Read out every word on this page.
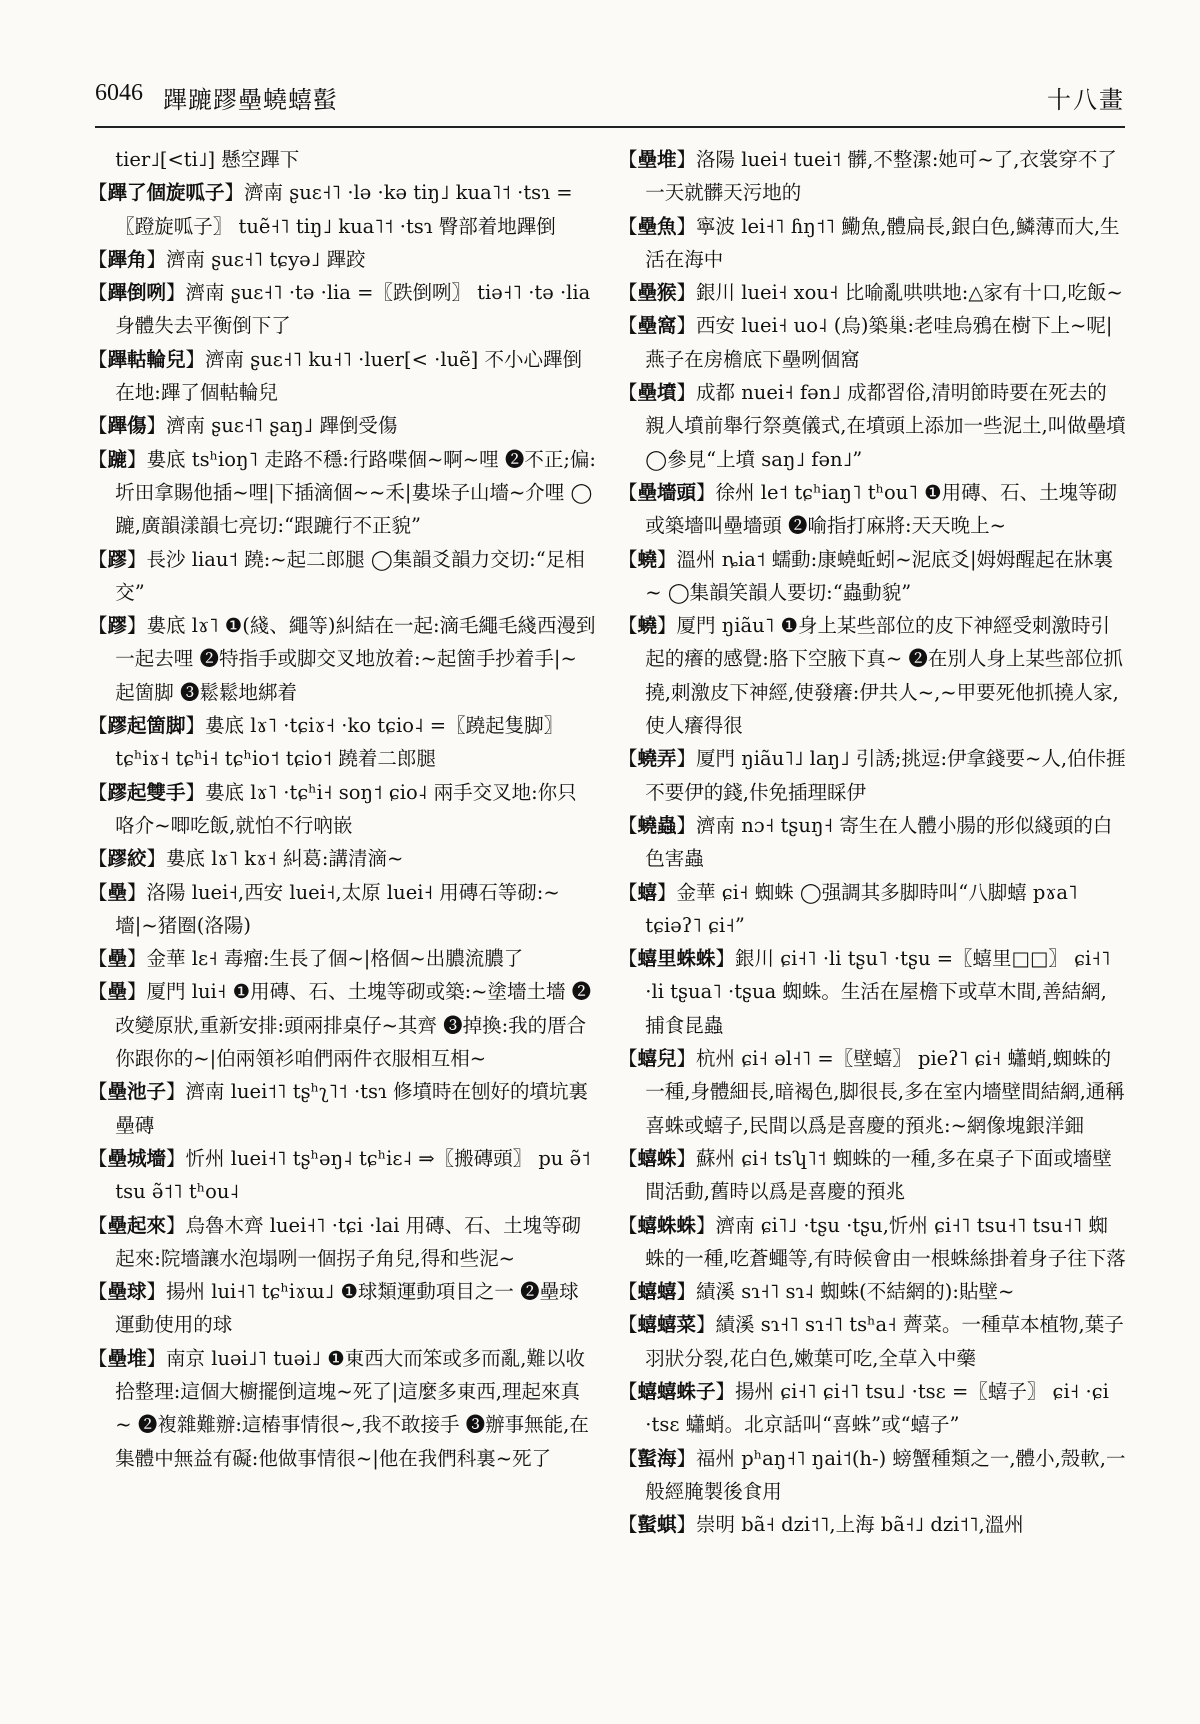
6046 蹕蹗蹘壘蟯蟢蟚	十八畫
tier˩[<ti˩] 懸空蹕下
【 蹕了個旋呱子 】 濟南 ʂuɛ˧˥ ·lə ·kə tiŋ˩ kua˥˦ ·tsɿ =〖蹬旋呱子〗 tuẽ˧˥ tiŋ˩ kua˥˦ ·tsɿ 臀部着地蹕倒
【 蹕角 】 濟南 ʂuɛ˧˥ tɕyə˩ 蹕跤
【 蹕倒咧 】 濟南 ʂuɛ˧˥ ·tə ·lia =〖跌倒咧〗 tiə˧˥ ·tə ·lia 身體失去平衡倒下了
【 蹕軲輪兒 】 濟南 ʂuɛ˧˥ ku˧˥ ·luer[< ·luẽ] 不小心蹕倒在地:蹕了個軲輪兒
【 蹕傷 】 濟南 ʂuɛ˧˥ ʂaŋ˩ 蹕倒受傷
【 蹗 】 婁底 tsʰioŋ˥ 走路不穩:行路喋個~啊~哩 ❷不正;偏:圻田拿賜他插~哩|下插滴個~~禾|婁垛子山墻~介哩 ◯蹗,廣韻漾韻七亮切:“跟蹗行不正貌”
【 蹘 】 長沙 liau˦ 蹺:~起二郎腿 ◯集韻爻韻力交切:“足相交”
【 蹘 】 婁底 lɤ˥ ❶(綫、繩等)糾結在一起:滴毛繩毛綫西漫到一起去哩 ❷特指手或脚交叉地放着:~起箇手抄着手|~起箇脚 ❸鬆鬆地綁着
【 蹘起箇脚 】 婁底 lɤ˥ ·tɕiɤ˧ ·ko tɕio˨ =〖蹺起隻脚〗 tɕʰiɤ˧ tɕʰi˧ tɕʰio˦ tɕio˦ 蹺着二郎腿
【 蹘起雙手 】 婁底 lɤ˥ ·tɕʰi˧ soŋ˦ ɕio˨ 兩手交叉地:你只咯介~唧吃飯,就怕不行吶嵌
【 蹘絞 】 婁底 lɤ˥ kɤ˧ 糾葛:講清滴~
【 壘 】 洛陽 luei˧,西安 luei˧,太原 luei˧ 用磚石等砌:~墻|~猪圈(洛陽)
【 壘 】 金華 lɛ˧ 毒瘤:生長了個~|格個~出膿流膿了
【 壘 】 厦門 lui˧ ❶用磚、石、土塊等砌或築:~塗墻土墻 ❷改變原狀,重新安排:頭兩排桌仔~其齊 ❸掉換:我的厝合你跟你的~|伯兩領衫咱們兩件衣服相互相~
【 壘池子 】 濟南 luei˦˥ tʂʰʅ˥˦ ·tsɿ 修墳時在刨好的墳坑裏壘磚
【 壘城墻 】 忻州 luei˧˥ tʂʰəŋ˨ tɕʰiɛ˨ ⇒〖搬磚頭〗 pu ə̃˦ tsu ə̃˦˥ tʰou˨
【 壘起來 】 烏魯木齊 luei˧˥ ·tɕi ·lai 用磚、石、土塊等砌起來:院墻讓水泡塌咧一個拐子角兒,得和些泥~
【 壘球 】 揚州 lui˧˥ tɕʰiɤɯ˩ ❶球類運動項目之一 ❷壘球運動使用的球
【 壘堆 】 南京 luəi˩˥ tuəi˩ ❶東西大而笨或多而亂,難以收拾整理:這個大櫥擺倒這塊~死了|這麼多東西,理起來真~ ❷複雜難辦:這樁事情很~,我不敢接手 ❸辦事無能,在集體中無益有礙:他做事情很~|他在我們科裏~死了
【 壘堆 】 洛陽 luei˧ tuei˦ 髒,不整潔:她可~了,衣裳穿不了一天就髒天污地的
【 壘魚 】 寧波 lei˧˥ ɦŋ˦˥ 鰳魚,體扁長,銀白色,鱗薄而大,生活在海中
【 壘猴 】 銀川 luei˧ xou˧ 比喻亂哄哄地:△家有十口,吃飯~
【 壘窩 】 西安 luei˧ uo˨ (烏)築巢:老哇烏鴉在樹下上~呢|燕子在房檐底下壘咧個窩
【 壘墳 】 成都 nuei˧ fən˩ 成都習俗,清明節時要在死去的親人墳前舉行祭奠儀式,在墳頭上添加一些泥土,叫做壘墳 ◯參見“上墳 saŋ˩ fən˩”
【 壘墻頭 】 徐州 le˦ tɕʰiaŋ˥ tʰou˥ ❶用磚、石、土塊等砌或築墻叫壘墻頭 ❷喻指打麻將:天天晚上~
【 蟯 】 溫州 ȵia˦ 蠕動:康蟯蚯蚓~泥底爻|姆姆醒起在牀裏~ ◯集韻笑韻人要切:“蟲動貌”
【 蟯 】 厦門 ŋiãu˥ ❶身上某些部位的皮下神經受刺激時引起的癢的感覺:胳下空腋下真~ ❷在別人身上某些部位抓撓,刺激皮下神經,使發癢:伊共人~,~甲要死他抓撓人家,使人癢得很
【 蟯弄 】 厦門 ŋiãu˥˩ laŋ˩ 引誘;挑逗:伊拿錢要~人,伯佧捱不要伊的錢,佧免插理睬伊
【 蟯蟲 】 濟南 nɔ˧ tʂuŋ˧ 寄生在人體小腸的形似綫頭的白色害蟲
【 蟢 】 金華 ɕi˧ 蜘蛛 ◯强調其多脚時叫“八脚蟢 pɤa˥ tɕiəʔ˥ ɕi˧”
【 蟢里蛛蛛 】 銀川 ɕi˧˥ ·li tʂu˥ ·tʂu =〖蟢里□□〗 ɕi˧˥ ·li tʂua˥ ·tʂua 蜘蛛。生活在屋檐下或草木間,善結網,捕食昆蟲
【 蟢兒 】 杭州 ɕi˧ əl˧˥ =〖壁蟢〗 pieʔ˥ ɕi˧ 蠨蛸,蜘蛛的一種,身體細長,暗褐色,脚很長,多在室内墻壁間結網,通稱喜蛛或蟢子,民間以爲是喜慶的預兆:~網像塊銀洋鈿
【 蟢蛛 】 蘇州 ɕi˧ tsʮ˥˦ 蜘蛛的一種,多在桌子下面或墻壁間活動,舊時以爲是喜慶的預兆
【 蟢蛛蛛 】 濟南 ɕi˥˩ ·tʂu ·tʂu,忻州 ɕi˧˥ tsu˧˥ tsu˧˥ 蜘蛛的一種,吃蒼蠅等,有時候會由一根蛛絲掛着身子往下落
【 蟢蟢 】 績溪 sɿ˧˥ sɿ˨ 蜘蛛(不結網的):貼壁~
【 蟢蟢菜 】 績溪 sɿ˧˥ sɿ˧˥ tsʰa˧ 薺菜。一種草本植物,葉子羽狀分裂,花白色,嫩葉可吃,全草入中藥
【 蟢蟢蛛子 】 揚州 ɕi˧˥ ɕi˧˥ tsu˩ ·tsɛ =〖蟢子〗 ɕi˧ ·ɕi ·tsɛ 蠨蛸。北京話叫“喜蛛”或“蟢子”
【 蟚海 】 福州 pʰaŋ˧˥ ŋai˦(h-) 螃蟹種類之一,體小,殼軟,一般經腌製後食用
【 蟚蜞 】 崇明 bã˧ dzi˦˥,上海 bã˧˩ dzi˦˥,溫州
